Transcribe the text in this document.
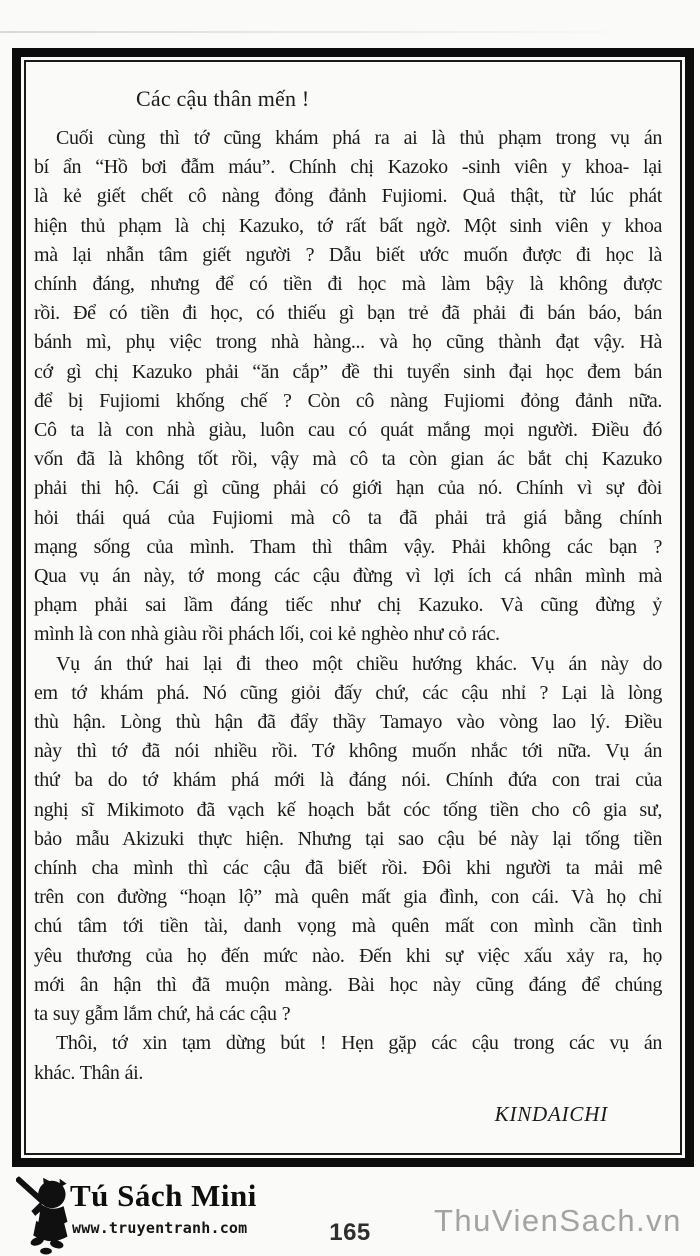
Các cậu thân mến !
Cuối cùng thì tớ cũng khám phá ra ai là thủ phạm trong vụ án
bí ẩn “Hồ bơi đẫm máu”. Chính chị Kazoko -sinh viên y khoa- lại
là kẻ giết chết cô nàng đỏng đảnh Fujiomi. Quả thật, từ lúc phát
hiện thủ phạm là chị Kazuko, tớ rất bất ngờ. Một sinh viên y khoa
mà lại nhẫn tâm giết người ? Dẫu biết ước muốn được đi học là
chính đáng, nhưng để có tiền đi học mà làm bậy là không được
rồi. Để có tiền đi học, có thiếu gì bạn trẻ đã phải đi bán báo, bán
bánh mì, phụ việc trong nhà hàng... và họ cũng thành đạt vậy. Hà
cớ gì chị Kazuko phải “ăn cắp” đề thi tuyển sinh đại học đem bán
để bị Fujiomi khống chế ? Còn cô nàng Fujiomi đỏng đảnh nữa.
Cô ta là con nhà giàu, luôn cau có quát mắng mọi người. Điều đó
vốn đã là không tốt rồi, vậy mà cô ta còn gian ác bắt chị Kazuko
phải thi hộ. Cái gì cũng phải có giới hạn của nó. Chính vì sự đòi
hỏi thái quá của Fujiomi mà cô ta đã phải trả giá bằng chính
mạng sống của mình. Tham thì thâm vậy. Phải không các bạn ?
Qua vụ án này, tớ mong các cậu đừng vì lợi ích cá nhân mình mà
phạm phải sai lầm đáng tiếc như chị Kazuko. Và cũng đừng ỷ
mình là con nhà giàu rồi phách lối, coi kẻ nghèo như cỏ rác.
Vụ án thứ hai lại đi theo một chiều hướng khác. Vụ án này do
em tớ khám phá. Nó cũng giỏi đấy chứ, các cậu nhỉ ? Lại là lòng
thù hận. Lòng thù hận đã đẩy thầy Tamayo vào vòng lao lý. Điều
này thì tớ đã nói nhiều rồi. Tớ không muốn nhắc tới nữa. Vụ án
thứ ba do tớ khám phá mới là đáng nói. Chính đứa con trai của
nghị sĩ Mikimoto đã vạch kế hoạch bắt cóc tống tiền cho cô gia sư,
bảo mẫu Akizuki thực hiện. Nhưng tại sao cậu bé này lại tống tiền
chính cha mình thì các cậu đã biết rồi. Đôi khi người ta mải mê
trên con đường “hoạn lộ” mà quên mất gia đình, con cái. Và họ chỉ
chú tâm tới tiền tài, danh vọng mà quên mất con mình cần tình
yêu thương của họ đến mức nào. Đến khi sự việc xấu xảy ra, họ
mới ân hận thì đã muộn màng. Bài học này cũng đáng để chúng
ta suy gẫm lắm chứ, hả các cậu ?
Thôi, tớ xin tạm dừng bút ! Hẹn gặp các cậu trong các vụ án
khác. Thân ái.
KINDAICHI
Tú Sách Mini
www.truyentranh.com	165 ThuVienSach.vn
